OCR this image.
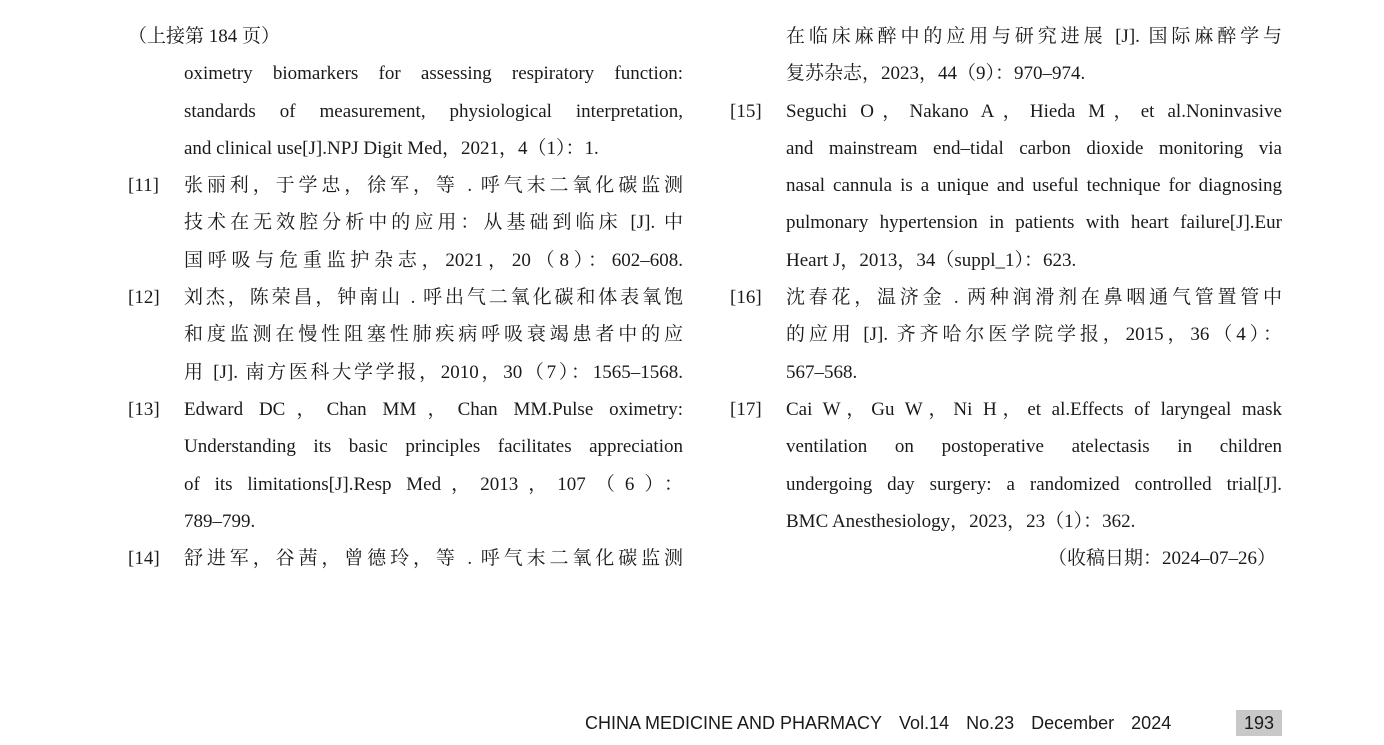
（上接第 184 页）
oximetry biomarkers for assessing respiratory function:
standards of measurement, physiological interpretation,
and clinical use[J].NPJ Digit Med，2021，4（1）：1.
[11]	张丽利，于学忠，徐军，等 . 呼气末二氧化碳监测
技术在无效腔分析中的应用：从基础到临床 [J]. 中
国呼吸与危重监护杂志，2021，20（8）：602–608.
[12]	刘杰，陈荣昌，钟南山 . 呼出气二氧化碳和体表氧饱
和度监测在慢性阻塞性肺疾病呼吸衰竭患者中的应
用 [J]. 南方医科大学学报，2010，30（7）：1565–1568.
[13]	Edward DC，Chan MM，Chan MM.Pulse oximetry:
Understanding its basic principles facilitates appreciation
of its limitations[J].Resp Med，2013，107（6）：
789–799.
[14]	舒进军，谷茜，曾德玲，等 . 呼气末二氧化碳监测
在临床麻醉中的应用与研究进展 [J]. 国际麻醉学与
复苏杂志，2023，44（9）：970–974.
[15]	Seguchi O，Nakano A，Hieda M，et al.Noninvasive
and mainstream end–tidal carbon dioxide monitoring via
nasal cannula is a unique and useful technique for diagnosing
pulmonary hypertension in patients with heart failure[J].Eur
Heart J，2013，34（suppl_1）：623.
[16]	沈春花，温济金 . 两种润滑剂在鼻咽通气管置管中
的应用 [J]. 齐齐哈尔医学院学报，2015，36（4）：
567–568.
[17]	Cai W，Gu W，Ni H，et al.Effects of laryngeal mask
ventilation on postoperative atelectasis in children
undergoing day surgery: a randomized controlled trial[J].
BMC Anesthesiology，2023，23（1）：362.
（收稿日期：2024–07–26）
CHINA MEDICINE AND PHARMACY Vol.14 No.23 December 2024	193
